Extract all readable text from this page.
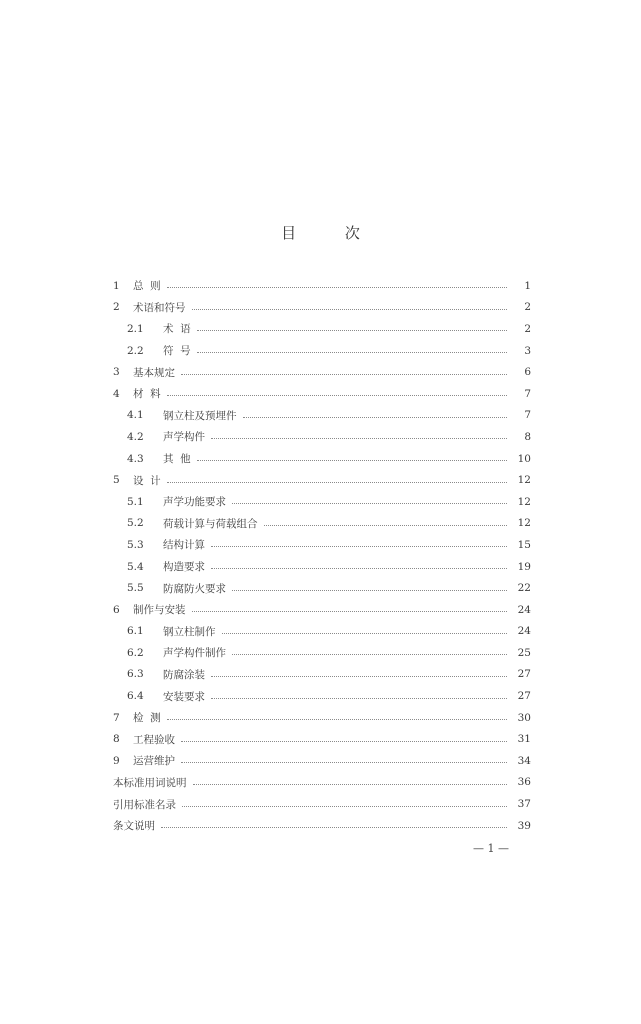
目 次
1	总  则	1
2	术语和符号	2
2.1	术  语	2
2.2	符  号	3
3	基本规定	6
4	材  料	7
4.1	钢立柱及预埋件	7
4.2	声学构件	8
4.3	其  他	10
5	设  计	12
5.1	声学功能要求	12
5.2	荷载计算与荷载组合	12
5.3	结构计算	15
5.4	构造要求	19
5.5	防腐防火要求	22
6	制作与安装	24
6.1	钢立柱制作	24
6.2	声学构件制作	25
6.3	防腐涂装	27
6.4	安装要求	27
7	检  测	30
8	工程验收	31
9	运营维护	34
本标准用词说明	36
引用标准名录	37
条文说明	39
— 1 —
